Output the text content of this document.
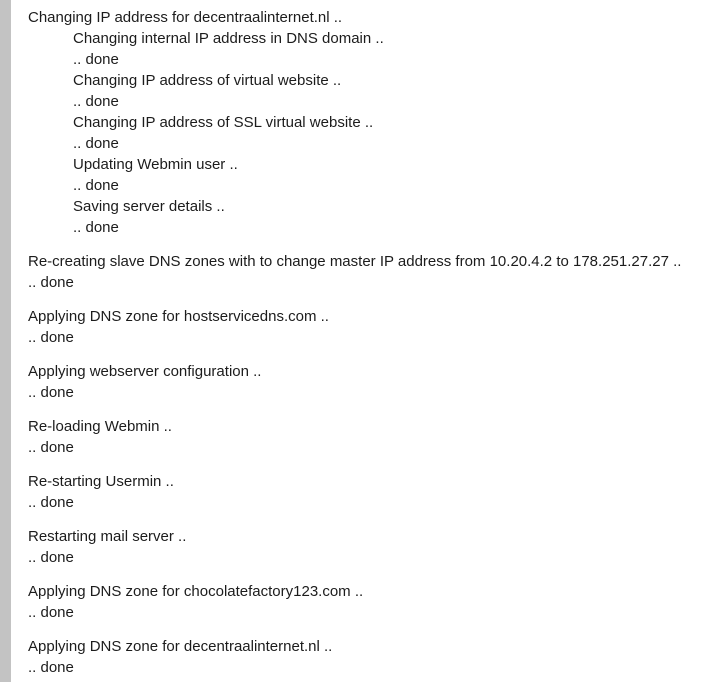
Changing IP address for decentraalinternet.nl ..
Changing internal IP address in DNS domain ..
.. done
Changing IP address of virtual website ..
.. done
Changing IP address of SSL virtual website ..
.. done
Updating Webmin user ..
.. done
Saving server details ..
.. done
Re-creating slave DNS zones with to change master IP address from 10.20.4.2 to 178.251.27.27 ..
.. done
Applying DNS zone for hostservicedns.com ..
.. done
Applying webserver configuration ..
.. done
Re-loading Webmin ..
.. done
Re-starting Usermin ..
.. done
Restarting mail server ..
.. done
Applying DNS zone for chocolatefactory123.com ..
.. done
Applying DNS zone for decentraalinternet.nl ..
.. done
